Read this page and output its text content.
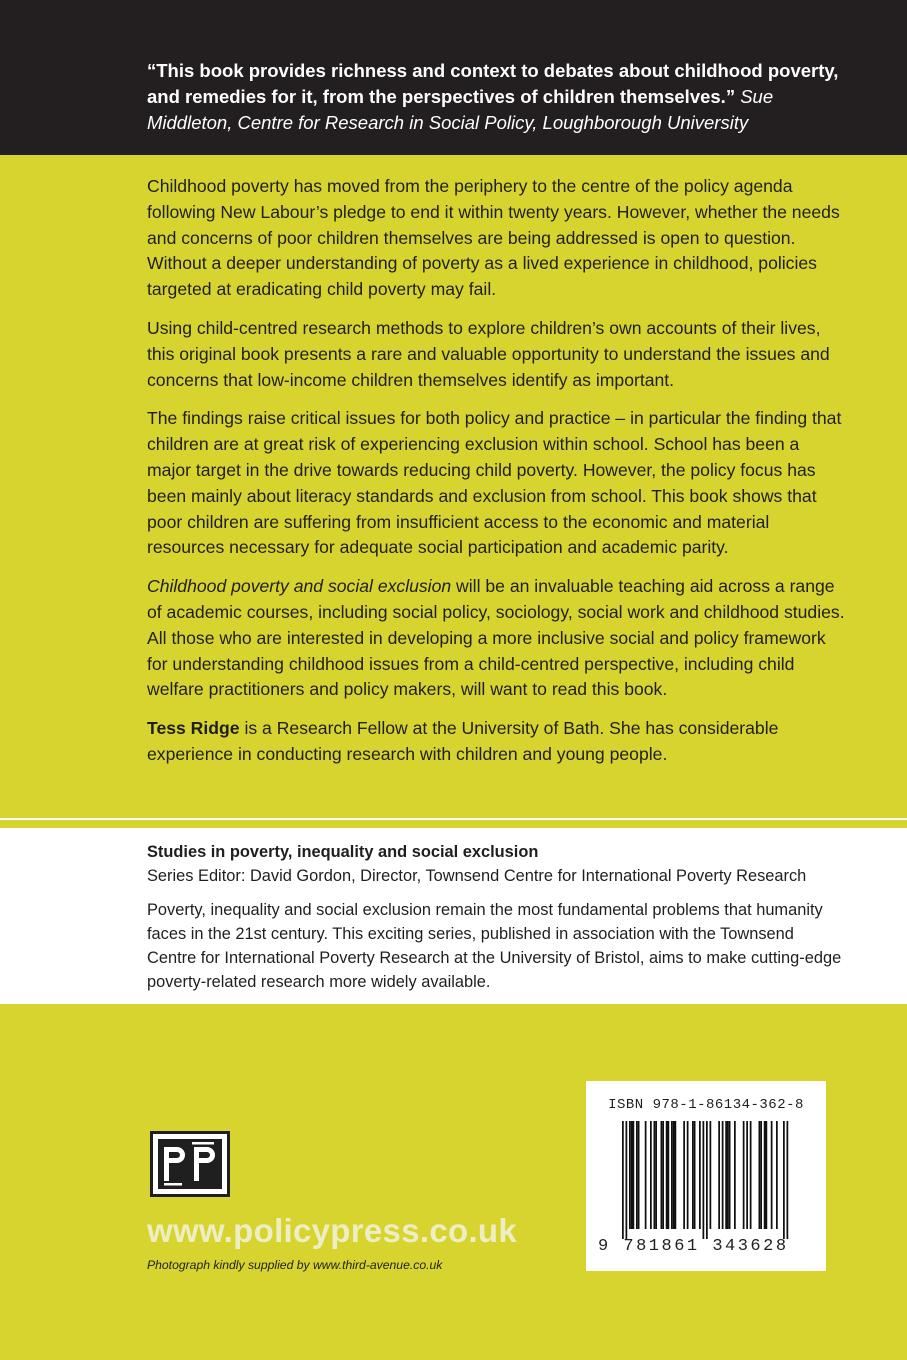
“This book provides richness and context to debates about childhood poverty, and remedies for it, from the perspectives of children themselves.” Sue Middleton, Centre for Research in Social Policy, Loughborough University

Childhood poverty has moved from the periphery to the centre of the policy agenda following New Labour’s pledge to end it within twenty years. However, whether the needs and concerns of poor children themselves are being addressed is open to question. Without a deeper understanding of poverty as a lived experience in childhood, policies targeted at eradicating child poverty may fail.

Using child-centred research methods to explore children’s own accounts of their lives, this original book presents a rare and valuable opportunity to understand the issues and concerns that low-income children themselves identify as important.

The findings raise critical issues for both policy and practice – in particular the finding that children are at great risk of experiencing exclusion within school. School has been a major target in the drive towards reducing child poverty. However, the policy focus has been mainly about literacy standards and exclusion from school. This book shows that poor children are suffering from insufficient access to the economic and material resources necessary for adequate social participation and academic parity.

Childhood poverty and social exclusion will be an invaluable teaching aid across a range of academic courses, including social policy, sociology, social work and childhood studies. All those who are interested in developing a more inclusive social and policy framework for understanding childhood issues from a child-centred perspective, including child welfare practitioners and policy makers, will want to read this book.

Tess Ridge is a Research Fellow at the University of Bath. She has considerable experience in conducting research with children and young people.

Studies in poverty, inequality and social exclusion
Series Editor: David Gordon, Director, Townsend Centre for International Poverty Research

Poverty, inequality and social exclusion remain the most fundamental problems that humanity faces in the 21st century. This exciting series, published in association with the Townsend Centre for International Poverty Research at the University of Bristol, aims to make cutting-edge poverty-related research more widely available.

www.policypress.co.uk
Photograph kindly supplied by www.third-avenue.co.uk
ISBN 978-1-86134-362-8
9 781861 343628
